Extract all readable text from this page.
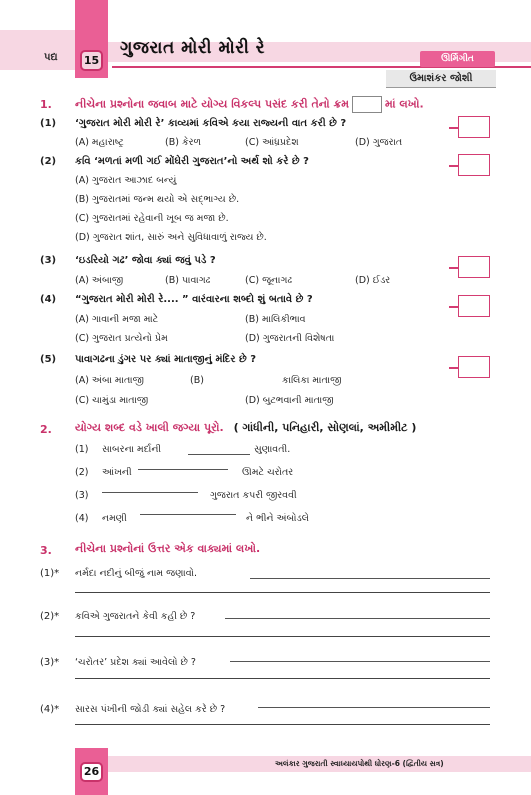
પદ્ય	15
ગુજરાત મોરી મોરી રે
ઊર્મિગીત
ઉમાશંકર જોશી
1. નીચેના પ્રશ્નોના જવાબ માટે યોગ્ય વિકલ્પ પસંદ કરી તેનો ક્રમ	માં લખો.
(1) ‘ગુજરાત મોરી મોરી રે’ કાવ્યમાં કવિએ કયા રાજ્યની વાત કરી છે ?
(A) મહારાષ્ટ્ર	(B) કેરળ	(C) આંધ્રપ્રદેશ	(D) ગુજરાત
(2) કવિ ‘મળતાં મળી ગઈ મોંઘેરી ગુજરાત’નો અર્થ શો કરે છે ?
(A) ગુજરાત આઝાદ બન્યું
(B) ગુજરાતમાં જન્મ થયો એ સદ્ભાગ્ય છે.
(C) ગુજરાતમાં રહેવાની ખૂબ જ મજા છે.
(D) ગુજરાત શાંત, સારું અને સુવિધાવાળું રાજ્ય છે.
(3) ‘ઇડરિયો ગઢ’ જોવા ક્યાં જવું પડે ?
(A) અંબાજી	(B) પાવાગઢ	(C) જૂનાગઢ	(D) ઈડર
(4) “ગુજરાત મોરી મોરી રે.... ” વારંવારના શબ્દો શું બતાવે છે ?
(A) ગાવાની મજા માટે	(B) માલિકીભાવ
(C) ગુજરાત પ્રત્યેનો પ્રેમ	(D) ગુજરાતની વિશેષતા
(5) પાવાગઢના ડુંગર પર ક્યાં માતાજીનું મંદિર છે ?
(A) અંબા માતાજી	(B)	કાલિકા માતાજી
(C) ચામુંડા માતાજી	(D) બુટભવાની માતાજી
2. યોગ્ય શબ્દ વડે ખાલી જગ્યા પૂરો. ( ગાંધીની, પનિહારી, સોણલાં, અમીમીટ )
(1) સાબરના મર્દાની	સુણાવતી.
(2) આંખની	ઊમટે ચરોતર
(3)	ગુજરાત કપરી જીરવવી
(4) નમણી	ને ભીને અંબોડલે
3. નીચેના પ્રશ્નોનાં ઉત્તર એક વાક્યમાં લખો.
(1)* નર્મદા નદીનું બીજું નામ જણાવો.
(2)* કવિએ ગુજરાતને કેવી કહી છે ?
(3)* ‘ચરોતર’ પ્રદેશ ક્યાં આવેલો છે ?
(4)* સારસ પંખીની જોડી ક્યાં સહેલ કરે છે ?
26
અલંકાર ગુજરાતી સ્વાધ્યાયપોથી ધોરણ-6 (દ્વિતીય સત્ર)
